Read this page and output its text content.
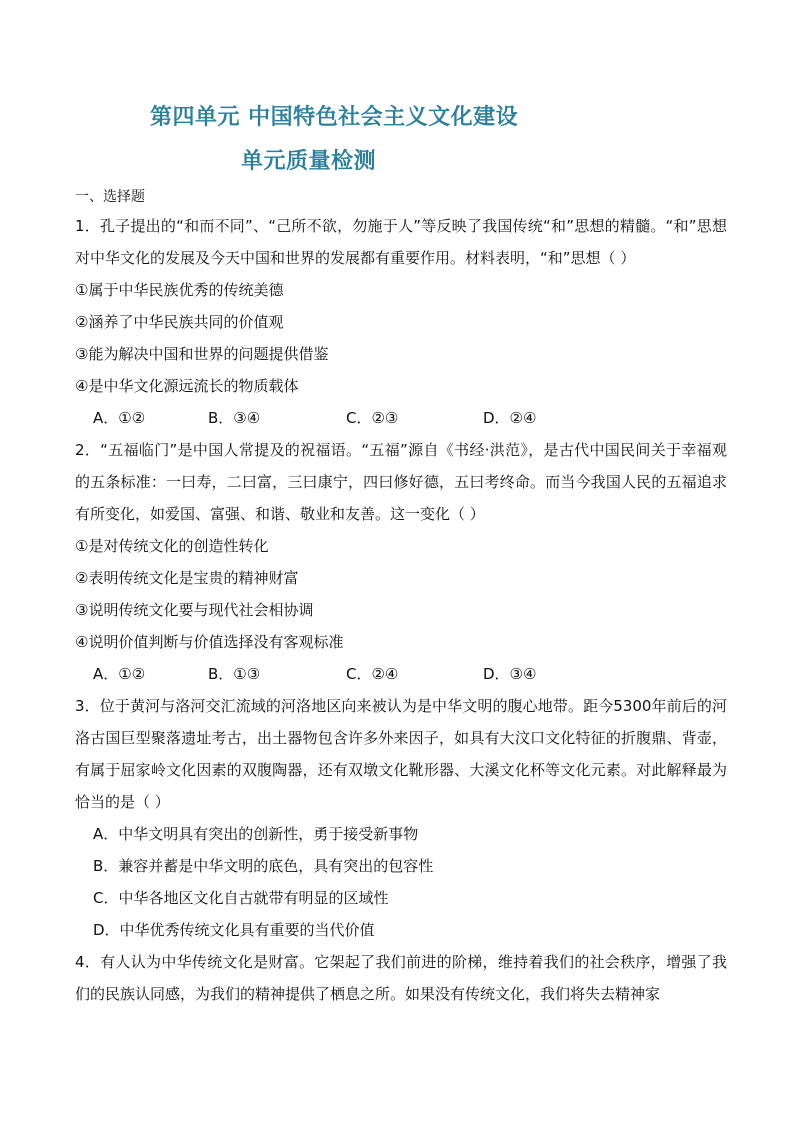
第四单元 中国特色社会主义文化建设
单元质量检测
一、选择题
1．孔子提出的“和而不同”、“己所不欲，勿施于人”等反映了我国传统“和”思想的精髓。“和”思想对中华文化的发展及今天中国和世界的发展都有重要作用。材料表明，“和”思想（ ）
①属于中华民族优秀的传统美德
②涵养了中华民族共同的价值观
③能为解决中国和世界的问题提供借鉴
④是中华文化源远流长的物质载体
A．①②	B．③④	C．②③	D．②④
2．“五福临门”是中国人常提及的祝福语。“五福”源自《书经·洪范》，是古代中国民间关于幸福观的五条标准：一曰寿，二曰富，三曰康宁，四曰修好德，五曰考终命。而当今我国人民的五福追求有所变化，如爱国、富强、和谐、敬业和友善。这一变化（ ）
①是对传统文化的创造性转化
②表明传统文化是宝贵的精神财富
③说明传统文化要与现代社会相协调
④说明价值判断与价值选择没有客观标准
A．①②	B．①③	C．②④	D．③④
3．位于黄河与洛河交汇流域的河洛地区向来被认为是中华文明的腹心地带。距今5300年前后的河洛古国巨型聚落遗址考古，出土器物包含许多外来因子，如具有大汶口文化特征的折腹鼎、背壶，有属于屈家岭文化因素的双腹陶器，还有双墩文化靴形器、大溪文化杯等文化元素。对此解释最为恰当的是（ ）
A．中华文明具有突出的创新性，勇于接受新事物
B．兼容并蓄是中华文明的底色，具有突出的包容性
C．中华各地区文化自古就带有明显的区域性
D．中华优秀传统文化具有重要的当代价值
4．有人认为中华传统文化是财富。它架起了我们前进的阶梯，维持着我们的社会秩序，增强了我们的民族认同感，为我们的精神提供了栖息之所。如果没有传统文化，我们将失去精神家
